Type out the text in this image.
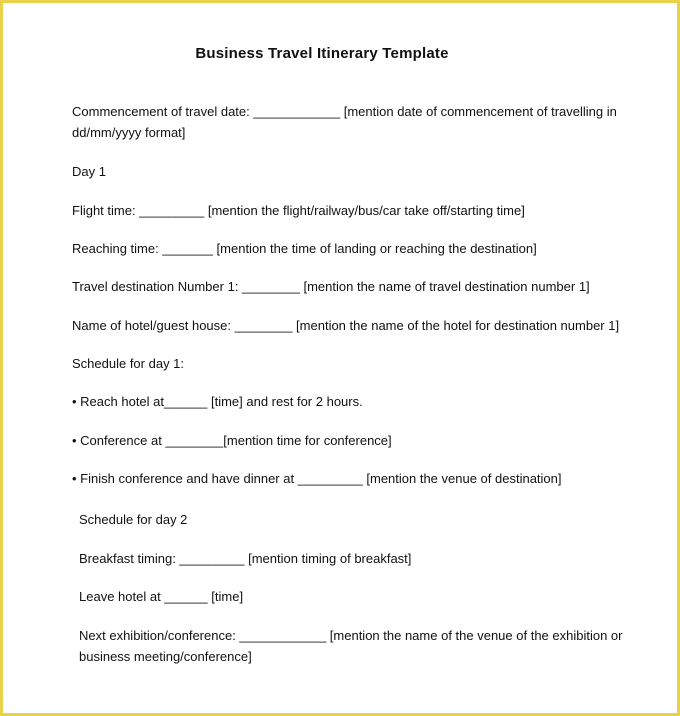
Business Travel Itinerary Template
Commencement of travel date: ____________ [mention date of commencement of travelling in
dd/mm/yyyy format]
Day 1
Flight time: _________ [mention the flight/railway/bus/car take off/starting time]
Reaching time: _______ [mention the time of landing or reaching the destination]
Travel destination Number 1: ________ [mention the name of travel destination number 1]
Name of hotel/guest house: ________ [mention the name of the hotel for destination number 1]
Schedule for day 1:
• Reach hotel at______ [time] and rest for 2 hours.
• Conference at ________[mention time for conference]
• Finish conference and have dinner at _________ [mention the venue of destination]
Schedule for day 2
Breakfast timing: _________ [mention timing of breakfast]
Leave hotel at ______ [time]
Next exhibition/conference: ____________ [mention the name of the venue of the exhibition or
business meeting/conference]
